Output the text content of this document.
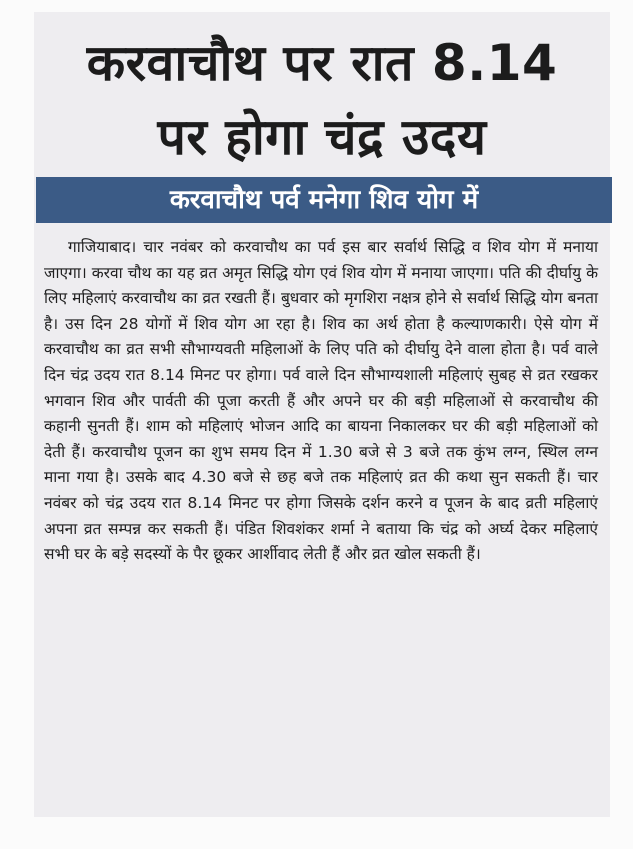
करवाचौथ पर रात 8.14
पर होगा चंद्र उदय
करवाचौथ पर्व मनेगा शिव योग में

गाजियाबाद। चार नवंबर को करवाचौथ का पर्व इस बार सर्वार्थ सिद्धि व शिव योग में मनाया जाएगा। करवा चौथ का यह व्रत अमृत सिद्धि योग एवं शिव योग में मनाया जाएगा। पति की दीर्घायु के लिए महिलाएं करवाचौथ का व्रत रखती हैं। बुधवार को मृगशिरा नक्षत्र होने से सर्वार्थ सिद्धि योग बनता है। उस दिन 28 योगों में शिव योग आ रहा है। शिव का अर्थ होता है कल्याणकारी। ऐसे योग में करवाचौथ का व्रत सभी सौभाग्यवती महिलाओं के लिए पति को दीर्घायु देने वाला होता है। पर्व वाले दिन चंद्र उदय रात 8.14 मिनट पर होगा। पर्व वाले दिन सौभाग्यशाली महिलाएं सुबह से व्रत रखकर भगवान शिव और पार्वती की पूजा करती हैं और अपने घर की बड़ी महिलाओं से करवाचौथ की कहानी सुनती हैं। शाम को महिलाएं भोजन आदि का बायना निकालकर घर की बड़ी महिलाओं को देती हैं। करवाचौथ पूजन का शुभ समय दिन में 1.30 बजे से 3 बजे तक कुंभ लग्न, स्थिल लग्न माना गया है। उसके बाद 4.30 बजे से छह बजे तक महिलाएं व्रत की कथा सुन सकती हैं। चार नवंबर को चंद्र उदय रात 8.14 मिनट पर होगा जिसके दर्शन करने व पूजन के बाद व्रती महिलाएं अपना व्रत सम्पन्न कर सकती हैं। पंडित शिवशंकर शर्मा ने बताया कि चंद्र को अर्घ्य देकर महिलाएं सभी घर के बड़े सदस्यों के पैर छूकर आर्शीवाद लेती हैं और व्रत खोल सकती हैं।
